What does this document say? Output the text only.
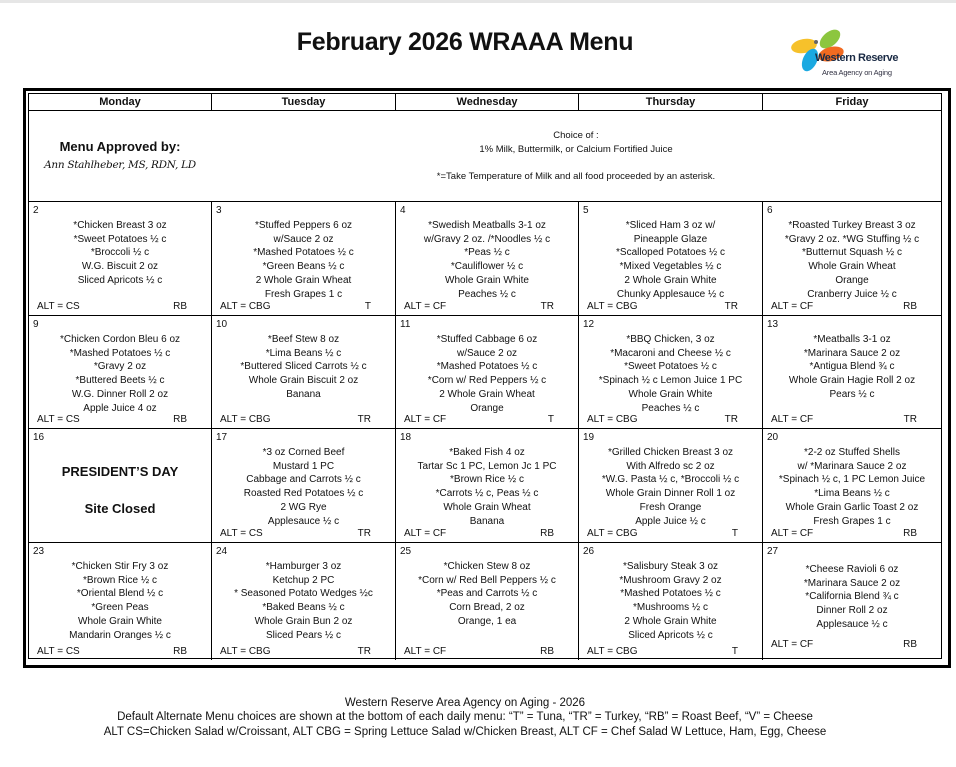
February 2026 WRAAA Menu
Western Reserve
Area Agency on Aging
Menu Approved by:
Ann Stahlheber, MS, RDN, LD
Choice of :
1% Milk, Buttermilk, or Calcium Fortified Juice
*=Take Temperature of Milk and all food proceeded by an asterisk.
Monday	Tuesday	Wednesday	Thursday	Friday
2
*Chicken Breast 3 oz
*Sweet Potatoes ½ c
*Broccoli ½ c
W.G. Biscuit 2 oz
Sliced Apricots ½ c
ALT = CS	RB
3
*Stuffed Peppers 6 oz
w/Sauce 2 oz
*Mashed Potatoes ½ c
*Green Beans ½ c
2 Whole Grain Wheat
Fresh Grapes 1 c
ALT = CBG	T
4
*Swedish Meatballs 3-1 oz
w/Gravy 2 oz. /*Noodles ½ c
*Peas ½ c
*Cauliflower ½ c
Whole Grain White
Peaches ½ c
ALT = CF	TR
5
*Sliced Ham 3 oz w/
Pineapple Glaze
*Scalloped Potatoes ½ c
*Mixed Vegetables ½ c
2 Whole Grain White
Chunky Applesauce ½ c
ALT = CBG	TR
6
*Roasted Turkey Breast 3 oz
*Gravy 2 oz. *WG Stuffing ½ c
*Butternut Squash ½ c
Whole Grain Wheat
Orange
Cranberry Juice ½ c
ALT = CF	RB
9
*Chicken Cordon Bleu 6 oz
*Mashed Potatoes ½ c
*Gravy 2 oz
*Buttered Beets ½ c
W.G. Dinner Roll 2 oz
Apple Juice 4 oz
ALT = CS	RB
10
*Beef Stew 8 oz
*Lima Beans ½ c
*Buttered Sliced Carrots ½ c
Whole Grain Biscuit 2 oz
Banana
ALT = CBG	TR
11
*Stuffed Cabbage 6 oz
w/Sauce 2 oz
*Mashed Potatoes ½ c
*Corn w/ Red Peppers ½ c
2 Whole Grain Wheat
Orange
ALT = CF	T
12
*BBQ Chicken, 3 oz
*Macaroni and Cheese ½ c
*Sweet Potatoes ½ c
*Spinach ½ c Lemon Juice 1 PC
Whole Grain White
Peaches ½ c
ALT = CBG	TR
13
*Meatballs 3-1 oz
*Marinara Sauce 2 oz
*Antigua Blend ¾ c
Whole Grain Hagie Roll 2 oz
Pears ½ c
ALT = CF	TR
16
PRESIDENT’S DAY
Site Closed
17
*3 oz Corned Beef
Mustard 1 PC
Cabbage and Carrots ½ c
Roasted Red Potatoes ½ c
2 WG Rye
Applesauce ½ c
ALT = CS	TR
18
*Baked Fish 4 oz
Tartar Sc 1 PC, Lemon Jc 1 PC
*Brown Rice ½ c
*Carrots ½ c, Peas ½ c
Whole Grain Wheat
Banana
ALT = CF	RB
19
*Grilled Chicken Breast 3 oz
With Alfredo sc 2 oz
*W.G. Pasta ½ c, *Broccoli ½ c
Whole Grain Dinner Roll 1 oz
Fresh Orange
Apple Juice ½ c
ALT = CBG	T
20
*2-2 oz Stuffed Shells
w/ *Marinara Sauce 2 oz
*Spinach ½ c, 1 PC Lemon Juice
*Lima Beans ½ c
Whole Grain Garlic Toast 2 oz
Fresh Grapes 1 c
ALT = CF	RB
23
*Chicken Stir Fry 3 oz
*Brown Rice ½ c
*Oriental Blend ½ c
*Green Peas
Whole Grain White
Mandarin Oranges ½ c
ALT = CS	RB
24
*Hamburger 3 oz
Ketchup 2 PC
* Seasoned Potato Wedges ½c
*Baked Beans ½ c
Whole Grain Bun 2 oz
Sliced Pears ½ c
ALT = CBG	TR
25
*Chicken Stew 8 oz
*Corn w/ Red Bell Peppers ½ c
*Peas and Carrots ½ c
Corn Bread, 2 oz
Orange, 1 ea
ALT = CF	RB
26
*Salisbury Steak 3 oz
*Mushroom Gravy 2 oz
*Mashed Potatoes ½ c
*Mushrooms ½ c
2 Whole Grain White
Sliced Apricots ½ c
ALT = CBG	T
27
*Cheese Ravioli 6 oz
*Marinara Sauce 2 oz
*California Blend ¾ c
Dinner Roll 2 oz
Applesauce ½ c
ALT = CF	RB
Western Reserve Area Agency on Aging - 2026
Default Alternate Menu choices are shown at the bottom of each daily menu: “T” = Tuna, “TR” = Turkey, “RB” = Roast Beef, “V” = Cheese
ALT CS=Chicken Salad w/Croissant, ALT CBG = Spring Lettuce Salad w/Chicken Breast, ALT CF = Chef Salad W Lettuce, Ham, Egg, Cheese
